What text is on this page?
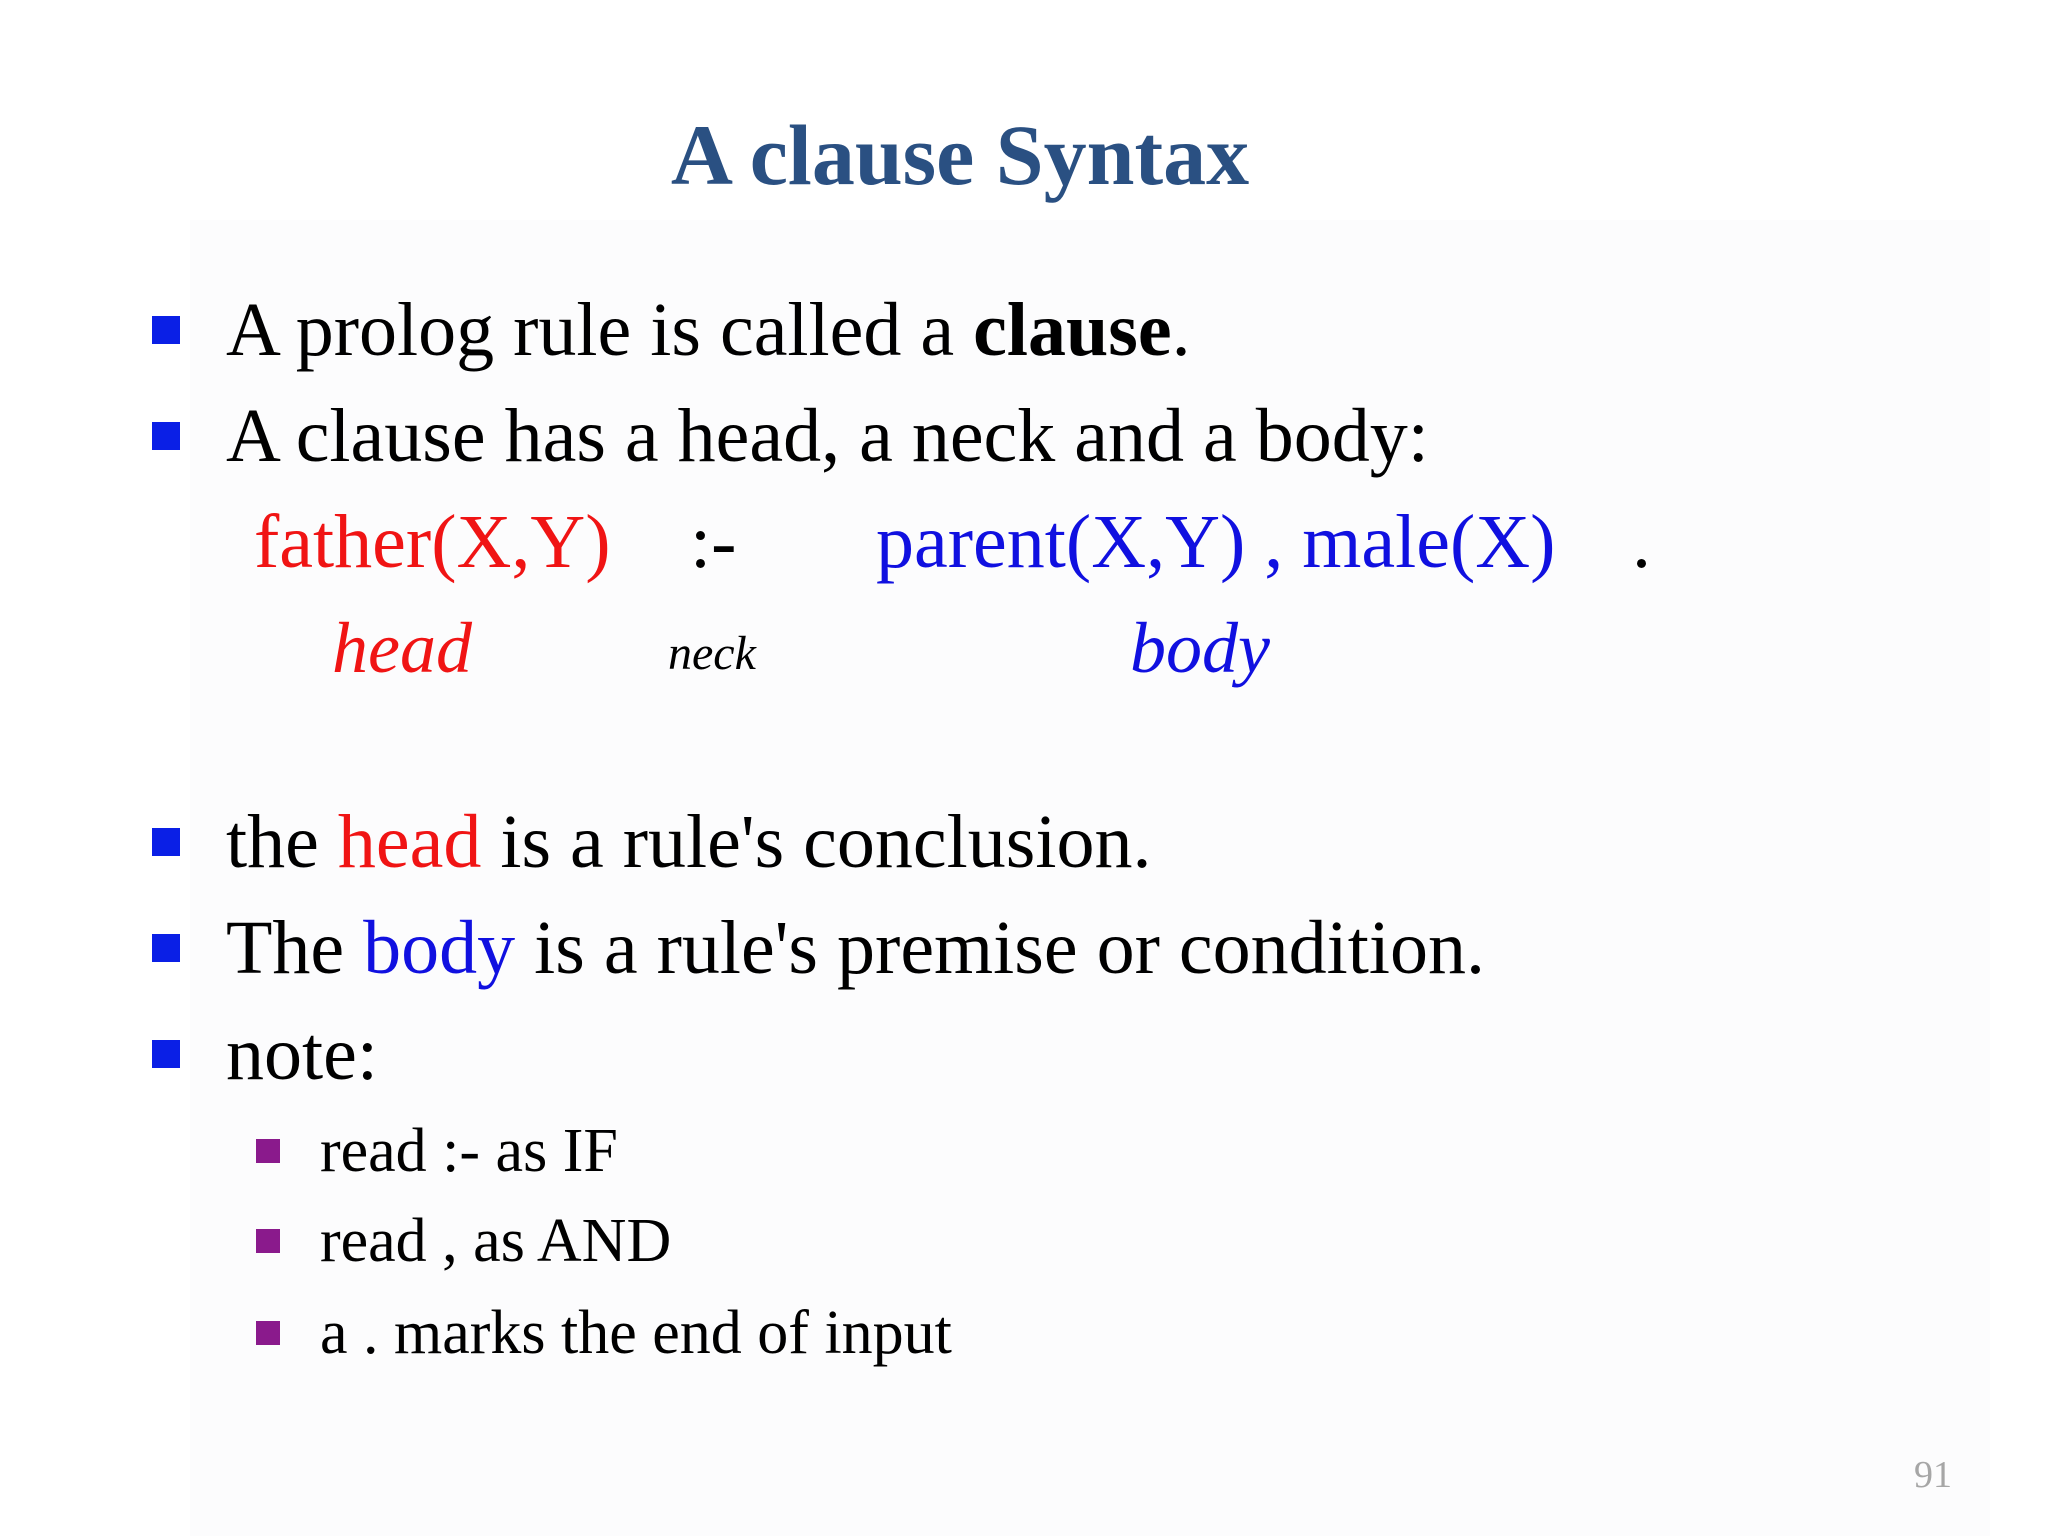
A clause Syntax
A prolog rule is called a clause.
A clause has a head, a neck and a body:
father(X,Y) :- parent(X,Y) , male(X) .
head	neck	body
the head is a rule's conclusion.
The body is a rule's premise or condition.
note:
read :- as IF
read , as AND
a . marks the end of input
91
